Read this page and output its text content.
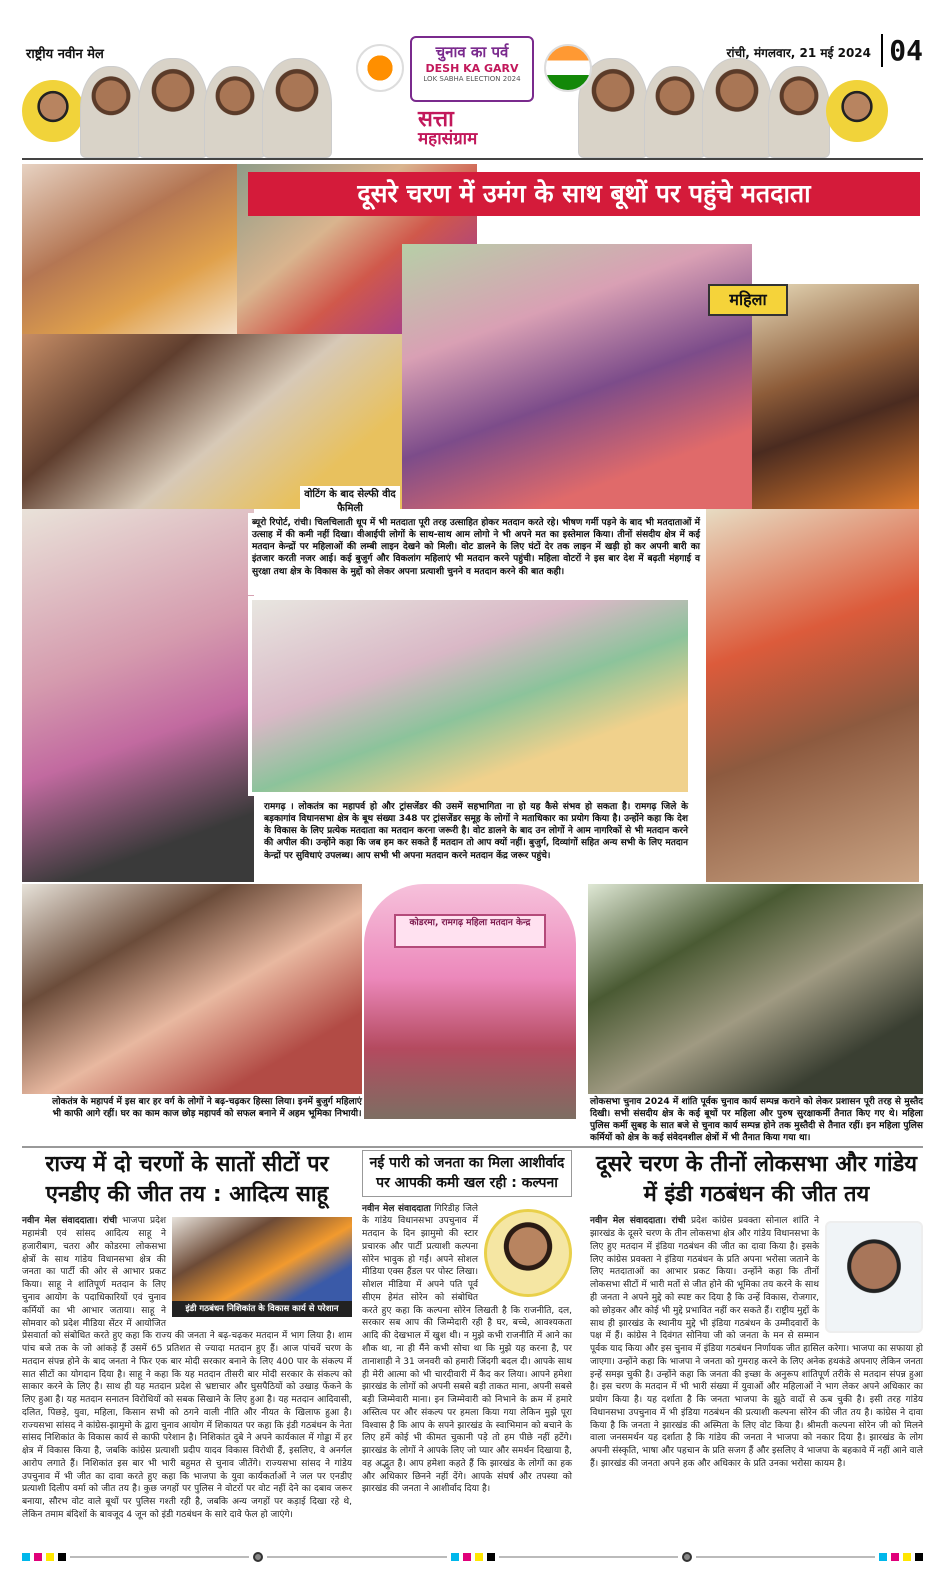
राष्ट्रीय नवीन मेल	रांची, मंगलवार, 21 मई 2024 04
चुनाव का पर्व
DESH KA GARV
LOK SABHA ELECTION 2024
सत्ता
महासंग्राम
दूसरे चरण में उमंग के साथ बूथों पर पहुंचे मतदाता
महिला
वोटिंग के बाद सेल्फी वीद फैमिली
ब्यूरो रिपोर्ट, रांची। चिलचिलाती धूप में भी मतदाता पूरी तरह उत्साहित होकर मतदान करते रहे। भीषण गर्मी पड़ने के बाद भी मतदाताओं में उत्साह में की कमी नहीं दिखा। वीआईपी लोगों के साथ-साथ आम लोगो ने भी अपने मत का इस्तेमाल किया। तीनों संसदीय क्षेत्र में कई मतदान केन्द्रों पर महिलाओं की लम्बी लाइन देखने को मिली। वोट डालने के लिए घंटों देर तक लाइन में खड़ी हो कर अपनी बारी का इंतजार करती नजर आई। कई बुजुर्ग और विकलांग महिलाएं भी मतदान करने पहुंची। महिला वोटरों ने इस बार देश में बढ़ती मंहगाई व सुरक्षा तथा क्षेत्र के विकास के मुद्दों को लेकर अपना प्रत्याशी चुनने व मतदान करने की बात कही।
रामगढ़ । लोकतंत्र का महापर्व हो और ट्रांसजेंडर की उसमें सहभागिता ना हो यह कैसे संभव हो सकता है। रामगढ़ जिले के बड़कागांव विधानसभा क्षेत्र के बूथ संख्या 348 पर ट्रांसजेंडर समूह के लोगों ने मताधिकार का प्रयोग किया है। उन्होंने कहा कि देश के विकास के लिए प्रत्येक मतदाता का मतदान करना जरूरी है। वोट डालने के बाद उन लोगों ने आम नागरिकों से भी मतदान करने की अपील की। उन्होंने कहा कि जब हम कर सकते हैं मतदान तो आप क्यों नहीं। बुजुर्ग, दिव्यांगों सहित अन्य सभी के लिए मतदान केन्द्रों पर सुविधाएं उपलब्ध। आप सभी भी अपना मतदान करने मतदान केंद्र जरूर पहुंचे।
कोडरमा, रामगढ़ महिला मतदान केन्द्र
लोकतंत्र के महापर्व में इस बार हर वर्ग के लोगों ने बढ़-चढ़कर हिस्सा लिया। इनमें बुजुर्ग महिलाएं भी काफी आगे रहीं। घर का काम काज छोड़ महापर्व को सफल बनाने में अहम भूमिका निभायी।
लोकसभा चुनाव 2024 में शांति पूर्वक चुनाव कार्य सम्पन्न कराने को लेकर प्रशासन पूरी तरह से मुस्तैद दिखी। सभी संसदीय क्षेत्र के कई बूथों पर महिला और पुरुष सुरक्षाकर्मी तैनात किए गए थे। महिला पुलिस कर्मी सुबह के सात बजे से चुनाव कार्य सम्पन्न होने तक मुस्तैदी से तैनात रहीं। इन महिला पुलिस कर्मियों को क्षेत्र के कई संवेदनशील क्षेत्रों में भी तैनात किया गया था।
राज्य में दो चरणों के सातों सीटों पर एनडीए की जीत तय : आदित्य साहू
नवीन मेल संवाददाता। रांची
इंडी गठबंधन निशिकांत के विकास कार्य से परेशान
भाजपा प्रदेश महामंत्री एवं सांसद आदित्य साहू ने हजारीबाग, चतरा और कोडरमा लोकसभा क्षेत्रों के साथ गांडेय विधानसभा क्षेत्र की जनता का पार्टी की ओर से आभार प्रकट किया। साहू ने शांतिपूर्ण मतदान के लिए चुनाव आयोग के पदाधिकारियों एवं चुनाव कर्मियों का भी आभार जताया। साहू ने सोमवार को प्रदेश मीडिया सेंटर में आयोजित प्रेसवार्ता को संबोधित करते हुए कहा कि राज्य की जनता ने बढ़-चढ़कर मतदान में भाग लिया है। शाम पांच बजे तक के जो आंकड़े हैं उसमें 65 प्रतिशत से ज्यादा मतदान हुए हैं। आज पांचवें चरण के मतदान संपन्न होने के बाद जनता ने फिर एक बार मोदी सरकार बनाने के लिए 400 पार के संकल्प में सात सीटों का योगदान दिया है। साहू ने कहा कि यह मतदान तीसरी बार मोदी सरकार के संकल्प को साकार करने के लिए है। साथ ही यह मतदान प्रदेश से भ्रष्टाचार और घुसपैठियों को उखाड़ फेंकने के लिए हुआ है। यह मतदान सनातन विरोधियों को सबक सिखाने के लिए हुआ है। यह मतदान आदिवासी, दलित, पिछड़े, युवा, महिला, किसान सभी को ठगने वाली नीति और नीयत के खिलाफ हुआ है। राज्यसभा सांसद ने कांग्रेस-झामुमो के द्वारा चुनाव आयोग में शिकायत पर कहा कि इंडी गठबंधन के नेता सांसद निशिकांत के विकास कार्य से काफी परेशान है। निशिकांत दुबे ने अपने कार्यकाल में गोड्डा में हर क्षेत्र में विकास किया है, जबकि कांग्रेस प्रत्याशी प्रदीप यादव विकास विरोधी हैं, इसलिए, वे अनर्गल आरोप लगाते हैं। निशिकांत इस बार भी भारी बहुमत से चुनाव जीतेंगे। राज्यसभा सांसद ने गांडेय उपचुनाव में भी जीत का दावा करते हुए कहा कि भाजपा के युवा कार्यकर्ताओं ने जल पर एनडीए प्रत्याशी दिलीप वर्मा को जीत तय है। कुछ जगहों पर पुलिस ने वोटरों पर वोट नहीं देने का दबाव जरूर बनाया, सौरभ वोट वाले बूथों पर पुलिस गश्ती रही है, जबकि अन्य जगहों पर कड़ाई दिखा रहे थे, लेकिन तमाम बंदिशों के बावजूद 4 जून को इंडी गठबंधन के सारे दावे फेल हो जाएंगे।
नई पारी को जनता का मिला आशीर्वाद पर आपकी कमी खल रही : कल्पना
नवीन मेल संवाददाता गिरिडीह जिले के गांडेय विधानसभा उपचुनाव में मतदान के दिन झामुमो की स्टार प्रचारक और पार्टी प्रत्याशी कल्पना सोरेन भावुक हो गईं। अपने सोशल मीडिया एक्स हैंडल पर पोस्ट लिखा। सोशल मीडिया में अपने पति पूर्व सीएम हेमंत सोरेन को संबोधित करते हुए कहा कि कल्पना सोरेन लिखती है कि राजनीति, दल, सरकार सब आप की जिम्मेदारी रही है घर, बच्चे, आवश्यकता आदि की देखभाल में खुश थी। न मुझे कभी राजनीति में आने का शौक था, ना ही मैंने कभी सोचा था कि मुझे यह करना है, पर तानाशाही ने 31 जनवरी को हमारी जिंदगी बदल दी। आपके साथ ही मेरी आत्मा को भी चारदीवारी में कैद कर लिया। आपने हमेशा झारखंड के लोगों को अपनी सबसे बड़ी ताकत माना, अपनी सबसे बड़ी जिम्मेवारी माना। इन जिम्मेवारी को निभाने के क्रम में हमारे अस्तित्व पर और संकल्प पर हमला किया गया लेकिन मुझे पूरा विश्वास है कि आप के सपने झारखंड के स्वाभिमान को बचाने के लिए हमें कोई भी कीमत चुकानी पड़े तो हम पीछे नहीं हटेंगे। झारखंड के लोगों ने आपके लिए जो प्यार और समर्थन दिखाया है, वह अद्भुत है। आप हमेशा कहते हैं कि झारखंड के लोगों का हक और अधिकार छिनने नहीं देंगे। आपके संघर्ष और तपस्या को झारखंड की जनता ने आशीर्वाद दिया है।
दूसरे चरण के तीनों लोकसभा और गांडेय में इंडी गठबंधन की जीत तय
नवीन मेल संवाददाता। रांची प्रदेश कांग्रेस प्रवक्ता सोनाल शांति ने झारखंड के दूसरे चरण के तीन लोकसभा क्षेत्र और गांडेय विधानसभा के लिए हुए मतदान में इंडिया गठबंधन की जीत का दावा किया है। इसके लिए कांग्रेस प्रवक्ता ने इंडिया गठबंधन के प्रति अपना भरोसा जताने के लिए मतदाताओं का आभार प्रकट किया। उन्होंने कहा कि तीनों लोकसभा सीटों में भारी मतों से जीत होने की भूमिका तय करने के साथ ही जनता ने अपने मुद्दे को स्पष्ट कर दिया है कि उन्हें विकास, रोजगार, को छोड़कर और कोई भी मुद्दे प्रभावित नहीं कर सकते हैं। राष्ट्रीय मुद्दों के साथ ही झारखंड के स्थानीय मुद्दे भी इंडिया गठबंधन के उम्मीदवारों के पक्ष में हैं। कांग्रेस ने दिवंगत सोनिया जी को जनता के मन से सम्मान पूर्वक याद किया और इस चुनाव में इंडिया गठबंधन निर्णायक जीत हासिल करेगा। भाजपा का सफाया हो जाएगा। उन्होंने कहा कि भाजपा ने जनता को गुमराह करने के लिए अनेक हथकंडे अपनाए लेकिन जनता इन्हें समझ चुकी है। उन्होंने कहा कि जनता की इच्छा के अनुरूप शांतिपूर्ण तरीके से मतदान संपन्न हुआ है। इस चरण के मतदान में भी भारी संख्या में युवाओं और महिलाओं ने भाग लेकर अपने अधिकार का प्रयोग किया है। यह दर्शाता है कि जनता भाजपा के झूठे वादों से ऊब चुकी है। इसी तरह गांडेय विधानसभा उपचुनाव में भी इंडिया गठबंधन की प्रत्याशी कल्पना सोरेन की जीत तय है। कांग्रेस ने दावा किया है कि जनता ने झारखंड की अस्मिता के लिए वोट किया है। श्रीमती कल्पना सोरेन जी को मिलने वाला जनसमर्थन यह दर्शाता है कि गांडेय की जनता ने भाजपा को नकार दिया है। झारखंड के लोग अपनी संस्कृति, भाषा और पहचान के प्रति सजग हैं और इसलिए वे भाजपा के बहकावे में नहीं आने वाले हैं। झारखंड की जनता अपने हक और अधिकार के प्रति उनका भरोसा कायम है।
